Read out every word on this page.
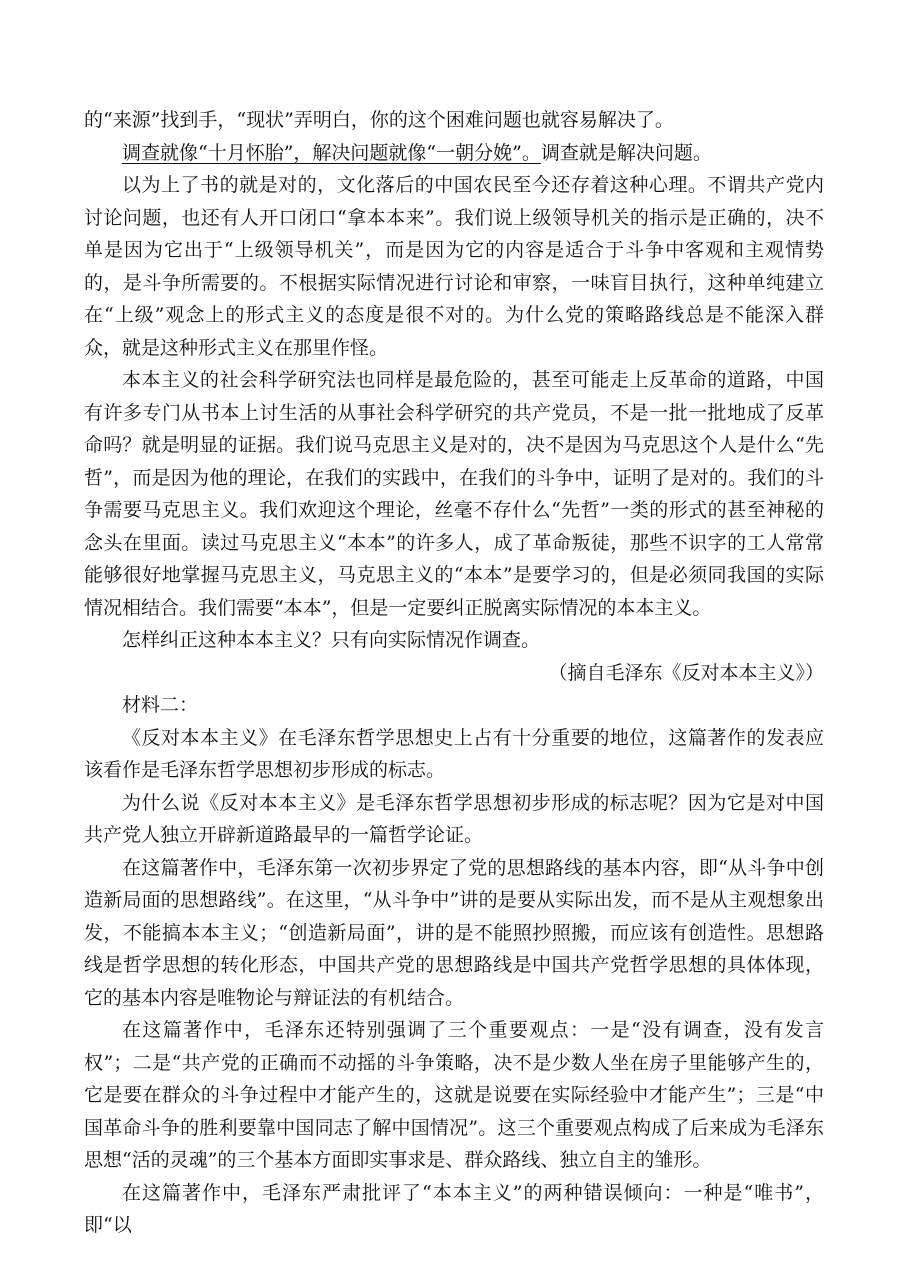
的“来源”找到手，“现状”弄明白，你的这个困难问题也就容易解决了。

调查就像“十月怀胎”，解决问题就像“一朝分娩”。调查就是解决问题。

以为上了书的就是对的，文化落后的中国农民至今还存着这种心理。不谓共产党内讨论问题，也还有人开口闭口“拿本本来”。我们说上级领导机关的指示是正确的，决不单是因为它出于“上级领导机关”，而是因为它的内容是适合于斗争中客观和主观情势的，是斗争所需要的。不根据实际情况进行讨论和审察，一味盲目执行，这种单纯建立在“上级”观念上的形式主义的态度是很不对的。为什么党的策略路线总是不能深入群众，就是这种形式主义在那里作怪。

本本主义的社会科学研究法也同样是最危险的，甚至可能走上反革命的道路，中国有许多专门从书本上讨生活的从事社会科学研究的共产党员，不是一批一批地成了反革命吗？就是明显的证据。我们说马克思主义是对的，决不是因为马克思这个人是什么“先哲”，而是因为他的理论，在我们的实践中，在我们的斗争中，证明了是对的。我们的斗争需要马克思主义。我们欢迎这个理论，丝毫不存什么“先哲”一类的形式的甚至神秘的念头在里面。读过马克思主义“本本”的许多人，成了革命叛徒，那些不识字的工人常常能够很好地掌握马克思主义，马克思主义的“本本”是要学习的，但是必须同我国的实际情况相结合。我们需要“本本”，但是一定要纠正脱离实际情况的本本主义。

怎样纠正这种本本主义？只有向实际情况作调查。

（摘自毛泽东《反对本本主义》）

材料二：

《反对本本主义》在毛泽东哲学思想史上占有十分重要的地位，这篇著作的发表应该看作是毛泽东哲学思想初步形成的标志。

为什么说《反对本本主义》是毛泽东哲学思想初步形成的标志呢？因为它是对中国共产党人独立开辟新道路最早的一篇哲学论证。

在这篇著作中，毛泽东第一次初步界定了党的思想路线的基本内容，即“从斗争中创造新局面的思想路线”。在这里，“从斗争中”讲的是要从实际出发，而不是从主观想象出发，不能搞本本主义；“创造新局面”，讲的是不能照抄照搬，而应该有创造性。思想路线是哲学思想的转化形态，中国共产党的思想路线是中国共产党哲学思想的具体体现，它的基本内容是唯物论与辩证法的有机结合。

在这篇著作中，毛泽东还特别强调了三个重要观点：一是“没有调查，没有发言权”；二是“共产党的正确而不动摇的斗争策略，决不是少数人坐在房子里能够产生的，它是要在群众的斗争过程中才能产生的，这就是说要在实际经验中才能产生”；三是“中国革命斗争的胜利要靠中国同志了解中国情况”。这三个重要观点构成了后来成为毛泽东思想“活的灵魂”的三个基本方面即实事求是、群众路线、独立自主的雏形。

在这篇著作中，毛泽东严肃批评了“本本主义”的两种错误倾向：一种是“唯书”，即“以
